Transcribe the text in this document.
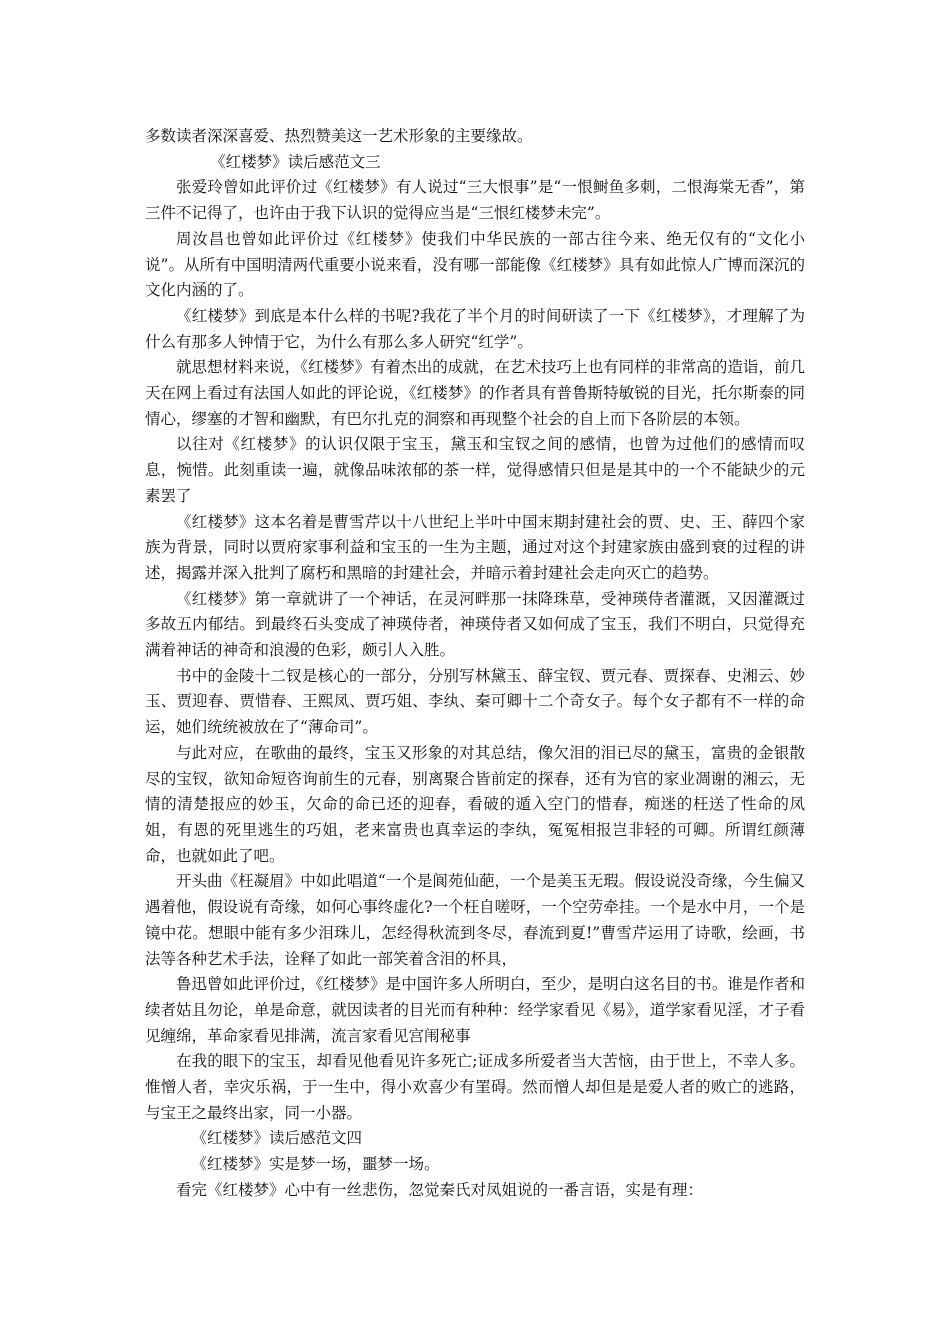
多数读者深深喜爱、热烈赞美这一艺术形象的主要缘故。

《红楼梦》读后感范文三

张爱玲曾如此评价过《红楼梦》有人说过“三大恨事”是“一恨鲥鱼多刺，二恨海棠无香”，第三件不记得了，也许由于我下认识的觉得应当是“三恨红楼梦未完”。

周汝昌也曾如此评价过《红楼梦》使我们中华民族的一部古往今来、绝无仅有的“文化小说”。从所有中国明清两代重要小说来看，没有哪一部能像《红楼梦》具有如此惊人广博而深沉的文化内涵的了。

《红楼梦》到底是本什么样的书呢?我花了半个月的时间研读了一下《红楼梦》，才理解了为什么有那多人钟情于它，为什么有那么多人研究“红学”。

就思想材料来说，《红楼梦》有着杰出的成就，在艺术技巧上也有同样的非常高的造诣，前几天在网上看过有法国人如此的评论说，《红楼梦》的作者具有普鲁斯特敏锐的目光，托尔斯泰的同情心，缪塞的才智和幽默，有巴尔扎克的洞察和再现整个社会的自上而下各阶层的本领。

以往对《红楼梦》的认识仅限于宝玉，黛玉和宝钗之间的感情，也曾为过他们的感情而叹息，惋惜。此刻重读一遍，就像品味浓郁的茶一样，觉得感情只但是是其中的一个不能缺少的元素罢了

《红楼梦》这本名着是曹雪芹以十八世纪上半叶中国末期封建社会的贾、史、王、薛四个家族为背景，同时以贾府家事利益和宝玉的一生为主题，通过对这个封建家族由盛到衰的过程的讲述，揭露并深入批判了腐朽和黑暗的封建社会，并暗示着封建社会走向灭亡的趋势。

《红楼梦》第一章就讲了一个神话，在灵河畔那一抹降珠草，受神瑛侍者灌溉，又因灌溉过多故五内郁结。到最终石头变成了神瑛侍者，神瑛侍者又如何成了宝玉，我们不明白，只觉得充满着神话的神奇和浪漫的色彩，颇引人入胜。

书中的金陵十二钗是核心的一部分，分别写林黛玉、薛宝钗、贾元春、贾探春、史湘云、妙玉、贾迎春、贾惜春、王熙凤、贾巧姐、李纨、秦可卿十二个奇女子。每个女子都有不一样的命运，她们统统被放在了“薄命司”。

与此对应，在歌曲的最终，宝玉又形象的对其总结，像欠泪的泪已尽的黛玉，富贵的金银散尽的宝钗，欲知命短咨询前生的元春，别离聚合皆前定的探春，还有为官的家业凋谢的湘云，无情的清楚报应的妙玉，欠命的命已还的迎春，看破的遁入空门的惜春，痴迷的枉送了性命的凤姐，有恩的死里逃生的巧姐，老来富贵也真幸运的李纨，冤冤相报岂非轻的可卿。所谓红颜薄命，也就如此了吧。

开头曲《枉凝眉》中如此唱道“一个是阆苑仙葩，一个是美玉无瑕。假设说没奇缘，今生偏又遇着他，假设说有奇缘，如何心事终虚化?一个枉自嗟呀，一个空劳牵挂。一个是水中月，一个是镜中花。想眼中能有多少泪珠儿，怎经得秋流到冬尽，春流到夏!”曹雪芹运用了诗歌，绘画，书法等各种艺术手法，诠释了如此一部笑着含泪的杯具，

鲁迅曾如此评价过，《红楼梦》是中国许多人所明白，至少，是明白这名目的书。谁是作者和续者姑且勿论，单是命意，就因读者的目光而有种种：经学家看见《易》，道学家看见淫，才子看见缠绵，革命家看见排满，流言家看见宫闱秘事

在我的眼下的宝玉，却看见他看见许多死亡;证成多所爱者当大苦恼，由于世上，不幸人多。惟憎人者，幸灾乐祸，于一生中，得小欢喜少有罣碍。然而憎人却但是是爱人者的败亡的逃路，与宝王之最终出家，同一小器。

《红楼梦》读后感范文四

《红楼梦》实是梦一场，噩梦一场。

看完《红楼梦》心中有一丝悲伤，忽觉秦氏对凤姐说的一番言语，实是有理：
